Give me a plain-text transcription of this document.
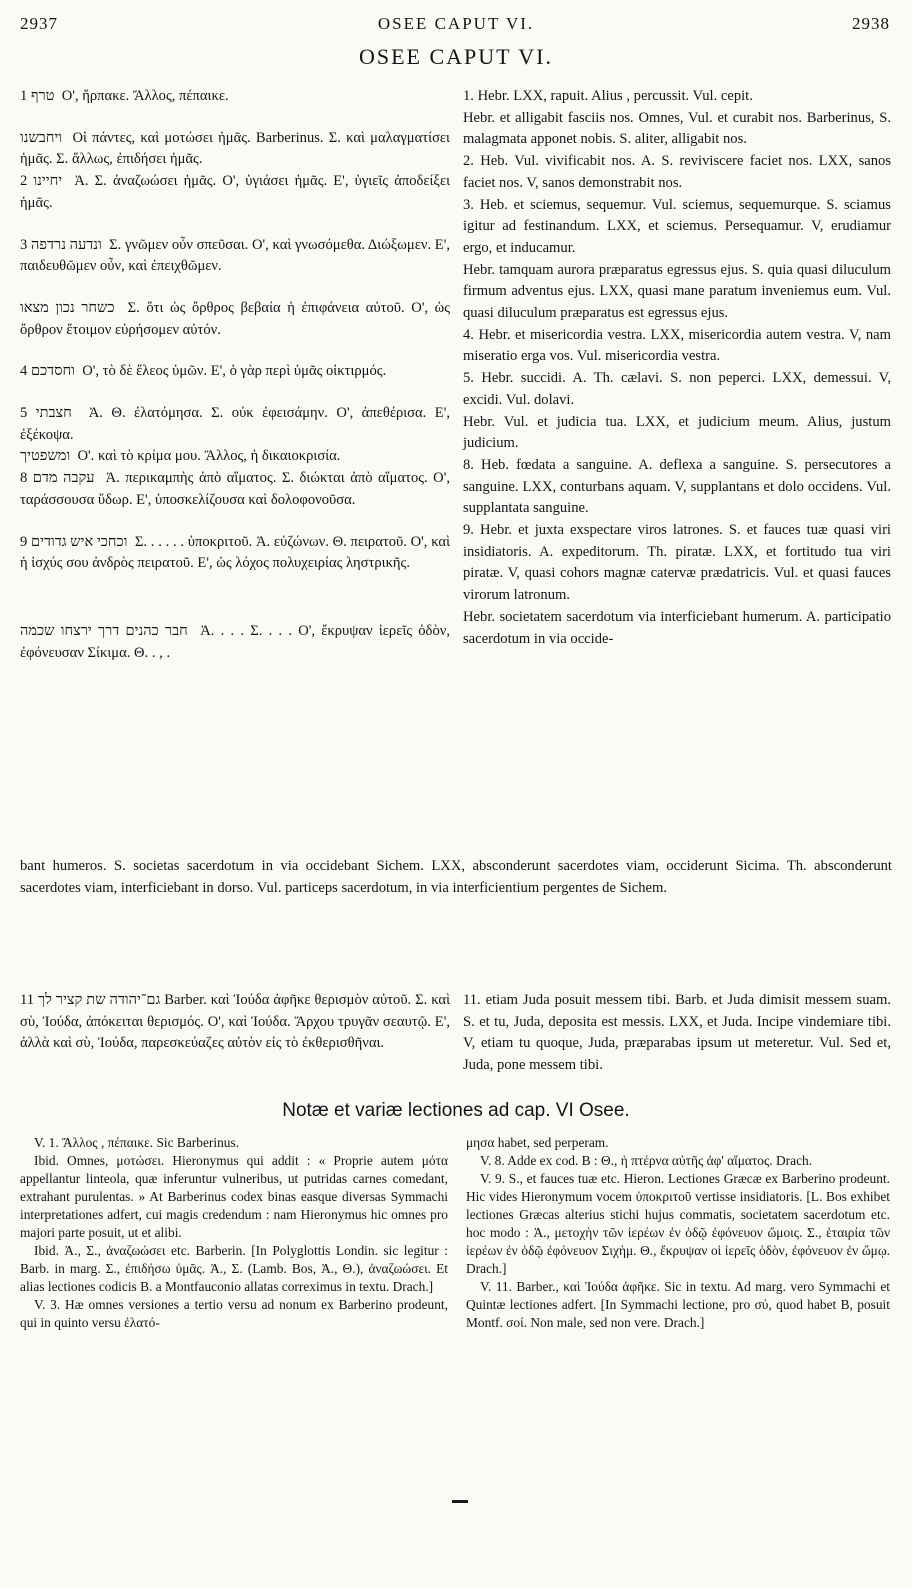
2937	OSEE CAPUT VI.	2938
OSEE CAPUT VI.

טרף 1  Ο', ἥρπακε. Ἄλλος, πέπαικε.

ויחבשנו  Οἱ πάντες, καὶ μοτώσει ἡμᾶς. Barberinus. Σ. καὶ μαλαγματίσει ἡμᾶς. Σ. ἄλλως, ἐπιδήσει ἡμᾶς.

יחיינו 2  Ἀ. Σ. ἀναζωώσει ἡμᾶς. Ο', ὑγιάσει ἡμᾶς. Ε', ὑγιεῖς ἀποδείξει ἡμᾶς.

ונדעה נרדפה 3  Σ. γνῶμεν οὖν σπεῦσαι. Ο', καὶ γνωσόμεθα. Διώξωμεν. Ε', παιδευθῶμεν οὖν, καὶ ἐπειχθῶμεν.

כשחר נכון מצאו  Σ. ὅτι ὡς ὄρθρος βεβαία ἡ ἐπιφάνεια αὐτοῦ. Ο', ὡς ὄρθρον ἕτοιμον εὑρήσομεν αὐτόν.

וחסדכם 4  Ο', τὸ δὲ ἔλεος ὑμῶν. Ε', ὁ γὰρ περὶ ὑμᾶς οἰκτιρμός.

חצבתי 5  Ἀ. Θ. ἐλατόμησα. Σ. οὐκ ἐφεισάμην. Ο', ἀπεθέρισα. Ε', ἐξέκοψα.

ומשפטיך  Ο'. καὶ τὸ κρίμα μου. Ἄλλος, ἡ δικαιοκρισία.

עקבה מדם 8  Ἀ. περικαμπὴς ἀπὸ αἵματος. Σ. διώκται ἀπὸ αἵματος. Ο', ταράσσουσα ὕδωρ. Ε', ὑποσκελίζουσα καὶ δολοφονοῦσα.

וכחכי איש גדודים 9  Σ. . . . . . ὑποκριτοῦ. Ἀ. εὐζώνων. Θ. πειρατοῦ. Ο', καὶ ἡ ἰσχύς σου ἀνδρὸς πειρατοῦ. Ε', ὡς λόχος πολυχειρίας ληστρικῆς.

חבר כהנים דרך ירצחו שכמה  Ἀ. . . . Σ. . . . Ο', ἔκρυψαν ἱερεῖς ὁδὸν, ἐφόνευσαν Σίκιμα. Θ. . , .

1. Hebr. LXX, rapuit. Alius , percussit. Vul. cepit.

Hebr. et alligabit fasciis nos. Omnes, Vul. et curabit nos. Barberinus, S. malagmata apponet nobis. S. aliter, alligabit nos.

2. Heb. Vul. vivificabit nos. A. S. reviviscere faciet nos. LXX, sanos faciet nos. V, sanos demonstrabit nos.

3. Heb. et sciemus, sequemur. Vul. sciemus, sequemurque. S. sciamus igitur ad festinandum. LXX, et sciemus. Persequamur. V, erudiamur ergo, et inducamur.

Hebr. tamquam aurora præparatus egressus ejus. S. quia quasi diluculum firmum adventus ejus. LXX, quasi mane paratum inveniemus eum. Vul. quasi diluculum præparatus est egressus ejus.

4. Hebr. et misericordia vestra. LXX, misericordia autem vestra. V, nam miseratio erga vos. Vul. misericordia vestra.

5. Hebr. succidi. A. Th. cælavi. S. non peperci. LXX, demessui. V, excidi. Vul. dolavi.

Hebr. Vul. et judicia tua. LXX, et judicium meum. Alius, justum judicium.

8. Heb. fœdata a sanguine. A. deflexa a sanguine. S. persecutores a sanguine. LXX, conturbans aquam. V, supplantans et dolo occidens. Vul. supplantata sanguine.

9. Hebr. et juxta exspectare viros latrones. S. et fauces tuæ quasi viri insidiatoris. A. expeditorum. Th. piratæ. LXX, et fortitudo tua viri piratæ. V, quasi cohors magnæ catervæ prædatricis. Vul. et quasi fauces virorum latronum.

Hebr. societatem sacerdotum via interficiebant humerum. A. participatio sacerdotum in via occide-

bant humeros. S. societas sacerdotum in via occidebant Sichem. LXX, absconderunt sacerdotes viam, occiderunt Sicima. Th. absconderunt sacerdotes viam, interficiebant in dorso. Vul. particeps sacerdotum, in via interficientium pergentes de Sichem.
גם־יהודה שת קציר לך 11 Barber. καὶ Ἰούδα ἀφῆκε θερισμὸν αὐτοῦ. Σ. καὶ σὺ, Ἰούδα, ἀπόκειται θερισμός. Ο', καὶ Ἰούδα. Ἄρχου τρυγᾶν σεαυτῷ. Ε', ἀλλὰ καὶ σὺ, Ἰούδα, παρεσκεύαζες αὐτὸν εἰς τὸ ἐκθερισθῆναι.
11. etiam Juda posuit messem tibi. Barb. et Juda dimisit messem suam. S. et tu, Juda, deposita est messis. LXX, et Juda. Incipe vindemiare tibi. V, etiam tu quoque, Juda, præparabas ipsum ut meteretur. Vul. Sed et, Juda, pone messem tibi.
Notæ et variæ lectiones ad cap. VI Osee.

V. 1. Ἄλλος , πέπαικε. Sic Barberinus.

Ibid. Omnes, μοτώσει. Hieronymus qui addit : « Proprie autem μότα appellantur linteola, quæ inferuntur vulneribus, ut putridas carnes comedant, extrahant purulentas. » At Barberinus codex binas easque diversas Symmachi interpretationes adfert, cui magis credendum : nam Hieronymus hic omnes pro majori parte posuit, ut et alibi.

Ibid. Ἀ., Σ., ἀναζωώσει etc. Barberin. [In Polyglottis Londin. sic legitur : Barb. in marg. Σ., ἐπιδήσω ὑμᾶς. Ἀ., Σ. (Lamb. Bos, Ἀ., Θ.), ἀναζωώσει. Et alias lectiones codicis B. a Montfauconio allatas correximus in textu. Drach.]

V. 3. Hæ omnes versiones a tertio versu ad nonum ex Barberino prodeunt, qui in quinto versu ἐλατό-

μησα habet, sed perperam.

V. 8. Adde ex cod. B : Θ., ἡ πτέρνα αὐτῆς ἀφ' αἵματος. Drach.

V. 9. S., et fauces tuæ etc. Hieron. Lectiones Græcæ ex Barberino prodeunt. Hic vides Hieronymum vocem ὑποκριτοῦ vertisse insidiatoris. [L. Bos exhibet lectiones Græcas alterius stichi hujus commatis, societatem sacerdotum etc. hoc modo : Ἀ., μετοχὴν τῶν ἱερέων ἐν ὁδῷ ἐφόνευον ὤμοις. Σ., ἑταιρία τῶν ἱερέων ἐν ὁδῷ ἐφόνευον Σιχὴμ. Θ., ἔκρυψαν οἱ ἱερεῖς ὁδὸν, ἐφόνευον ἐν ὤμῳ. Drach.]

V. 11. Barber., καὶ Ἰούδα ἀφῆκε. Sic in textu. Ad marg. vero Symmachi et Quintæ lectiones adfert. [In Symmachi lectione, pro σύ, quod habet B, posuit Montf. σοί. Non male, sed non vere. Drach.]
